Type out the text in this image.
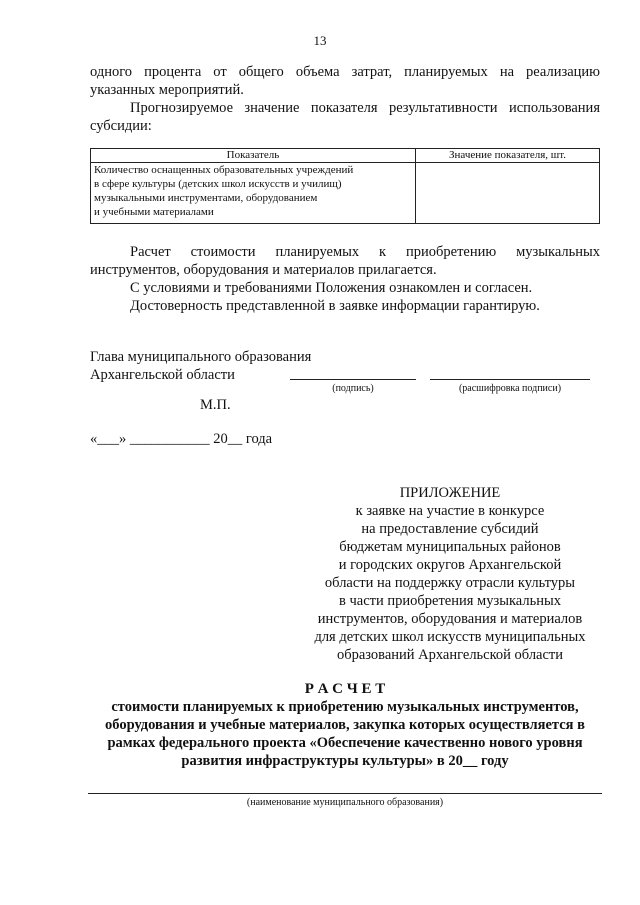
13
одного процента от общего объема затрат, планируемых на реализацию
указанных мероприятий.
Прогнозируемое значение показателя результативности использования
субсидии:
Показатель	Значение показателя, шт.

Количество оснащенных образовательных учреждений
в сфере культуры (детских школ искусств и училищ)
музыкальными инструментами, оборудованием
и учебными материалами	

Расчет стоимости планируемых к приобретению музыкальных
инструментов, оборудования и материалов прилагается.
С условиями и требованиями Положения ознакомлен и согласен.
Достоверность представленной в заявке информации гарантирую.
Глава муниципального образования
Архангельской области
(подпись)	(расшифровка подписи)
М.П.
«___» ___________ 20__ года
ПРИЛОЖЕНИЕ
к заявке на участие в конкурсе
на предоставление субсидий
бюджетам муниципальных районов
и городских округов Архангельской
области на поддержку отрасли культуры
в части приобретения музыкальных
инструментов, оборудования и материалов
для детских школ искусств муниципальных
образований Архангельской области
Р А С Ч Е Т
стоимости планируемых к приобретению музыкальных инструментов,
оборудования и учебные материалов, закупка которых осуществляется в
рамках федерального проекта «Обеспечение качественно нового уровня
развития инфраструктуры культуры» в 20__ году
(наименование муниципального образования)
